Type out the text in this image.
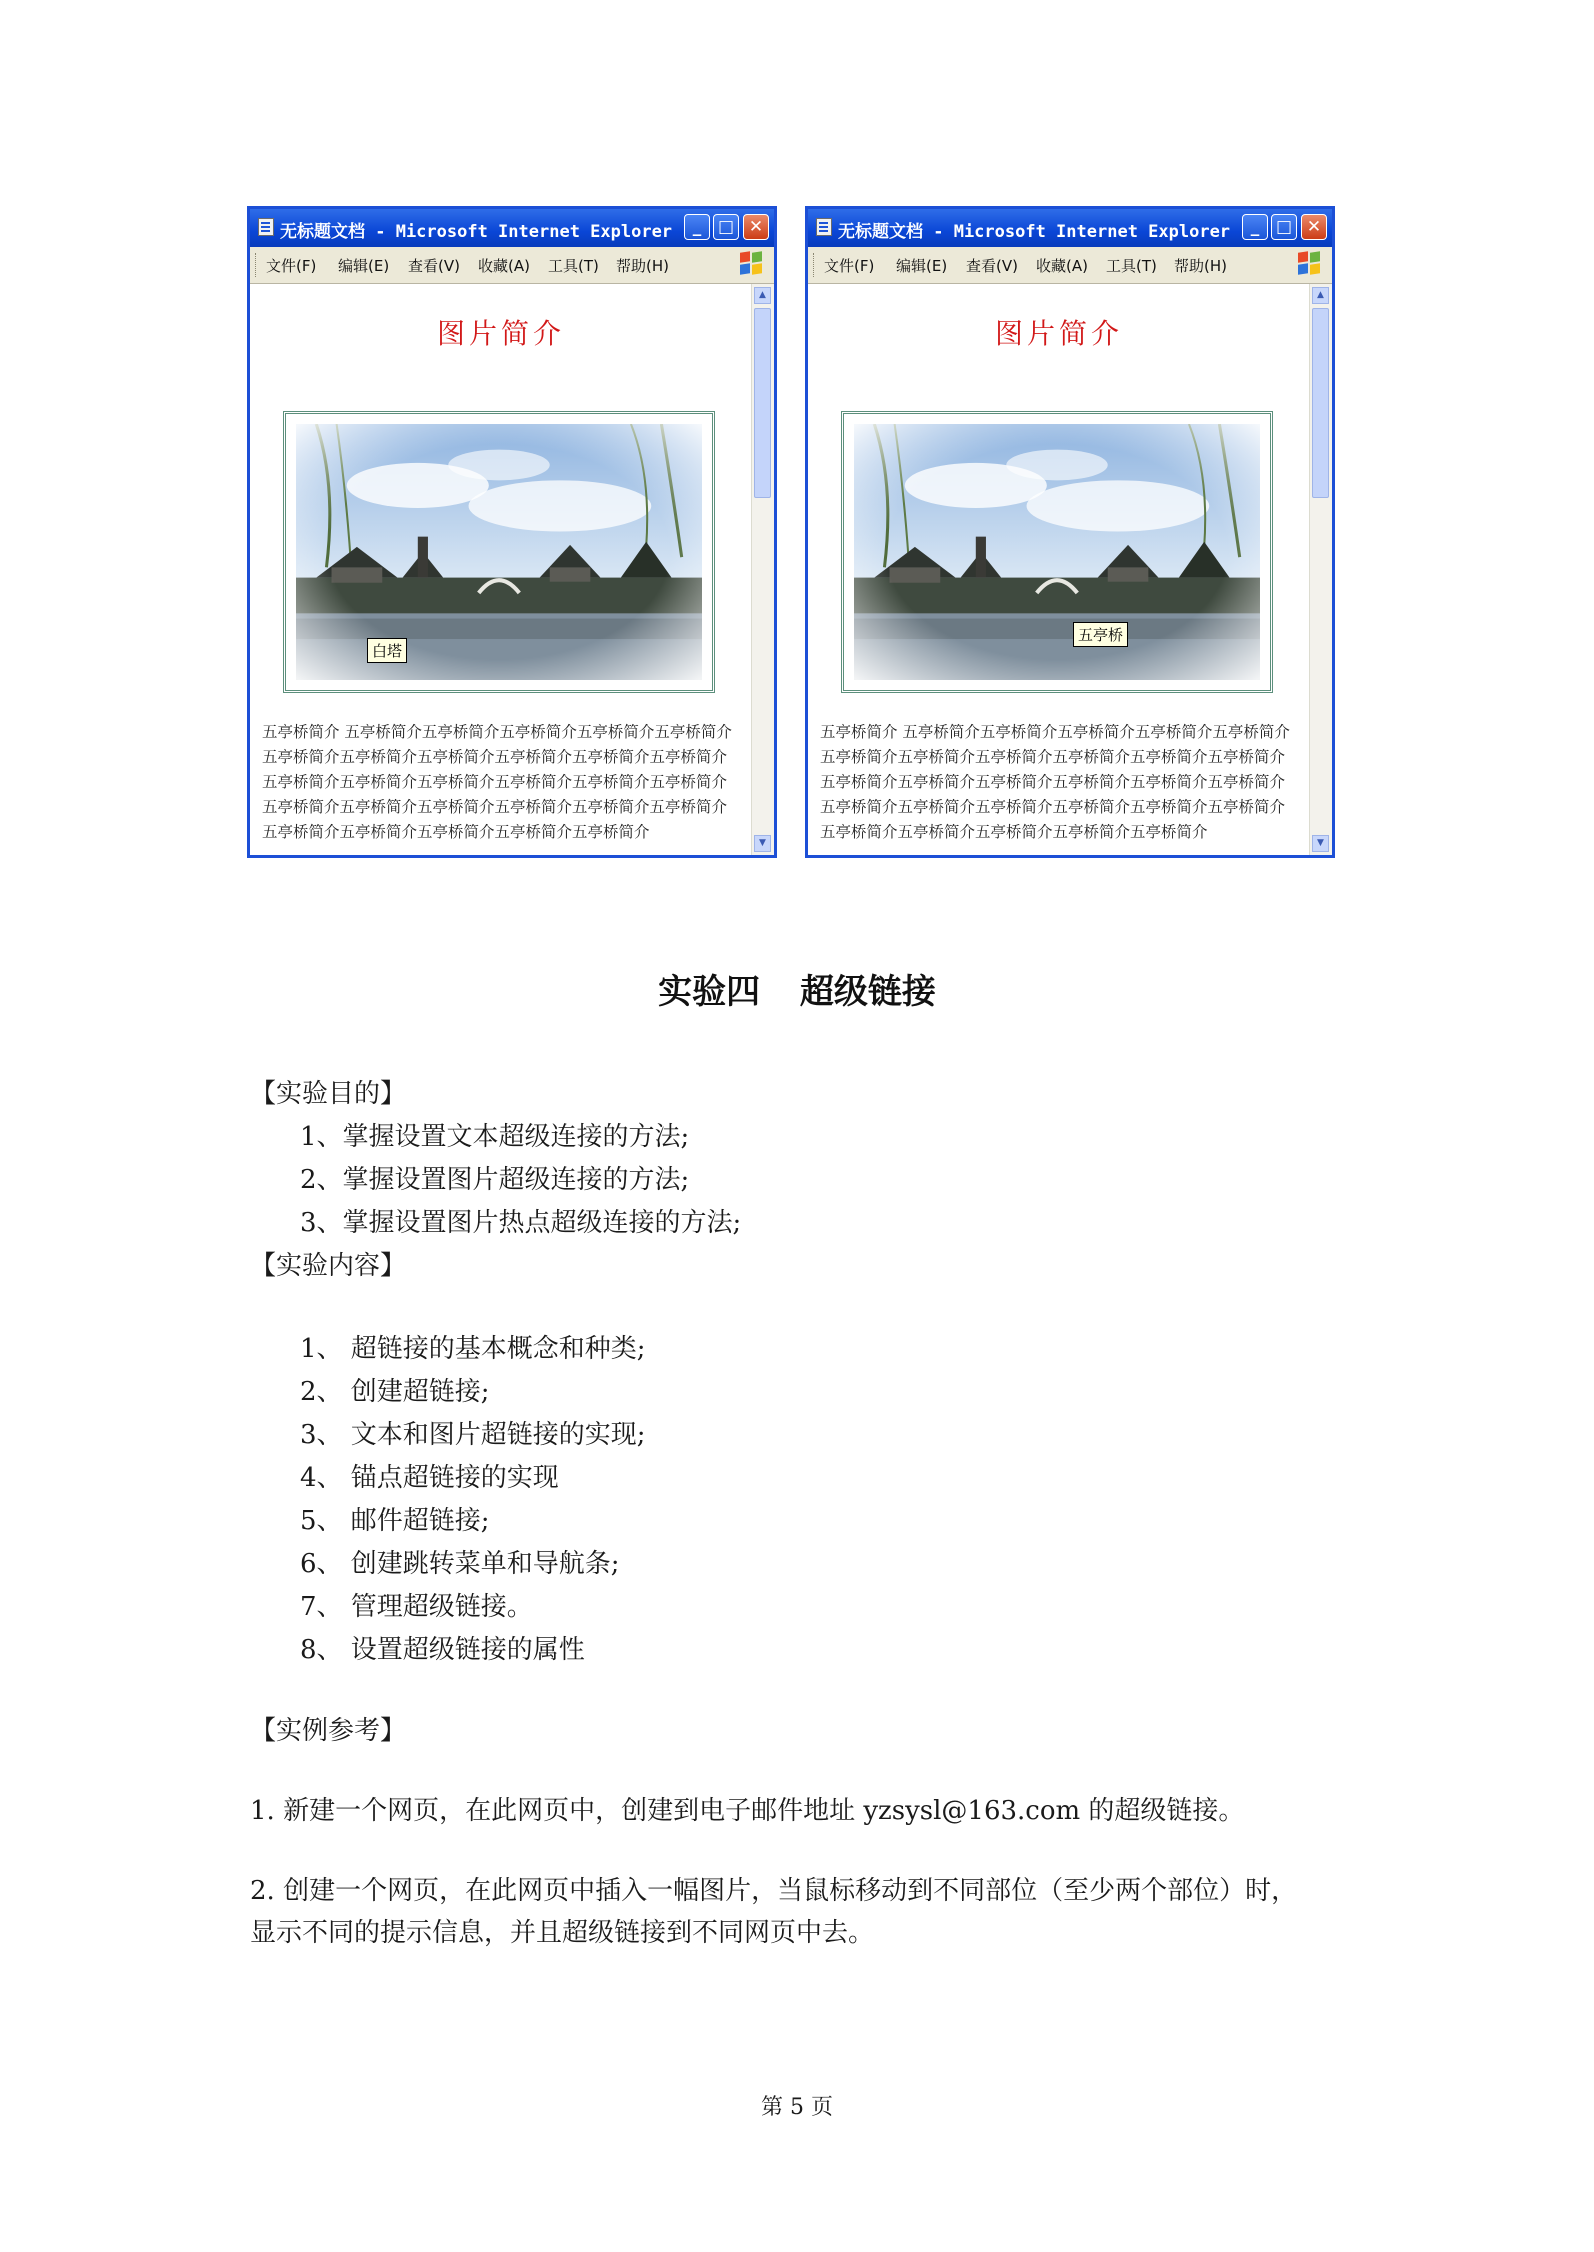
无标题文档 - Microsoft Internet Explorer	_ □ ✕
文件(F) 编辑(E) 查看(V) 收藏(A) 工具(T) 帮助(H)
图片简介
白塔
五亭桥简介 五亭桥简介五亭桥简介五亭桥简介五亭桥简介五亭桥简介五亭桥简介五亭桥简介五亭桥简介五亭桥简介五亭桥简介五亭桥简介五亭桥简介五亭桥简介五亭桥简介五亭桥简介五亭桥简介五亭桥简介五亭桥简介五亭桥简介五亭桥简介五亭桥简介五亭桥简介五亭桥简介五亭桥简介五亭桥简介五亭桥简介五亭桥简介五亭桥简介
▲
▼
无标题文档 - Microsoft Internet Explorer	_ □ ✕
文件(F) 编辑(E) 查看(V) 收藏(A) 工具(T) 帮助(H)
图片简介
五亭桥
五亭桥简介 五亭桥简介五亭桥简介五亭桥简介五亭桥简介五亭桥简介五亭桥简介五亭桥简介五亭桥简介五亭桥简介五亭桥简介五亭桥简介五亭桥简介五亭桥简介五亭桥简介五亭桥简介五亭桥简介五亭桥简介五亭桥简介五亭桥简介五亭桥简介五亭桥简介五亭桥简介五亭桥简介五亭桥简介五亭桥简介五亭桥简介五亭桥简介五亭桥简介
▲
▼
实验四 超级链接
【实验目的】
1、掌握设置文本超级连接的方法;
2、掌握设置图片超级连接的方法;
3、掌握设置图片热点超级连接的方法;
【实验内容】
1、 超链接的基本概念和种类;
2、 创建超链接;
3、 文本和图片超链接的实现;
4、 锚点超链接的实现
5、 邮件超链接;
6、 创建跳转菜单和导航条;
7、 管理超级链接。
8、 设置超级链接的属性
【实例参考】
1. 新建一个网页，在此网页中，创建到电子邮件地址 yzsysl@163.com 的超级链接。
2. 创建一个网页，在此网页中插入一幅图片，当鼠标移动到不同部位（至少两个部位）时，
显示不同的提示信息，并且超级链接到不同网页中去。
第 5 页
